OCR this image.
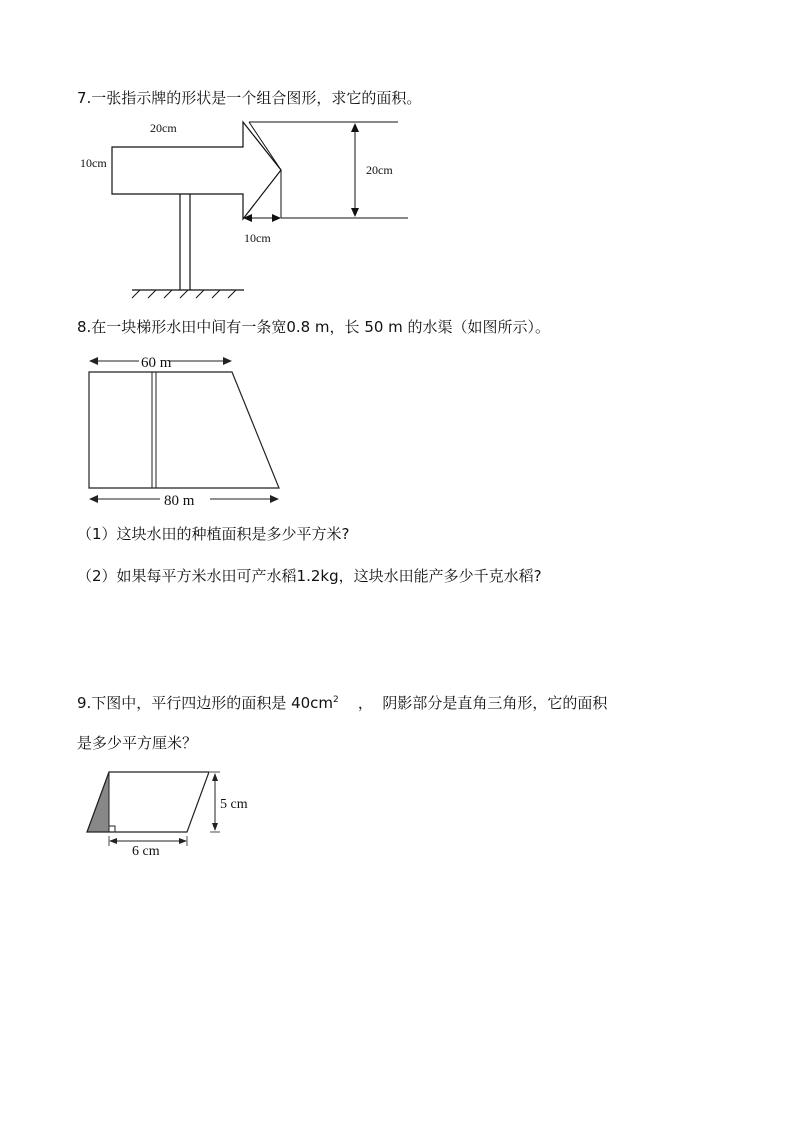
7.一张指示牌的形状是一个组合图形，求它的面积。
20cm
10cm	20cm
10cm
8.在一块梯形水田中间有一条宽0.8 m，长 50 m 的水渠（如图所示）。
60 m
80 m
（1）这块水田的种植面积是多少平方米?
（2）如果每平方米水田可产水稻1.2kg，这块水田能产多少千克水稻?
9.下图中，平行四边形的面积是 $40cm^2$    ，  阴影部分是直角三角形，它的面积
是多少平方厘米？
5 cm
6 cm
